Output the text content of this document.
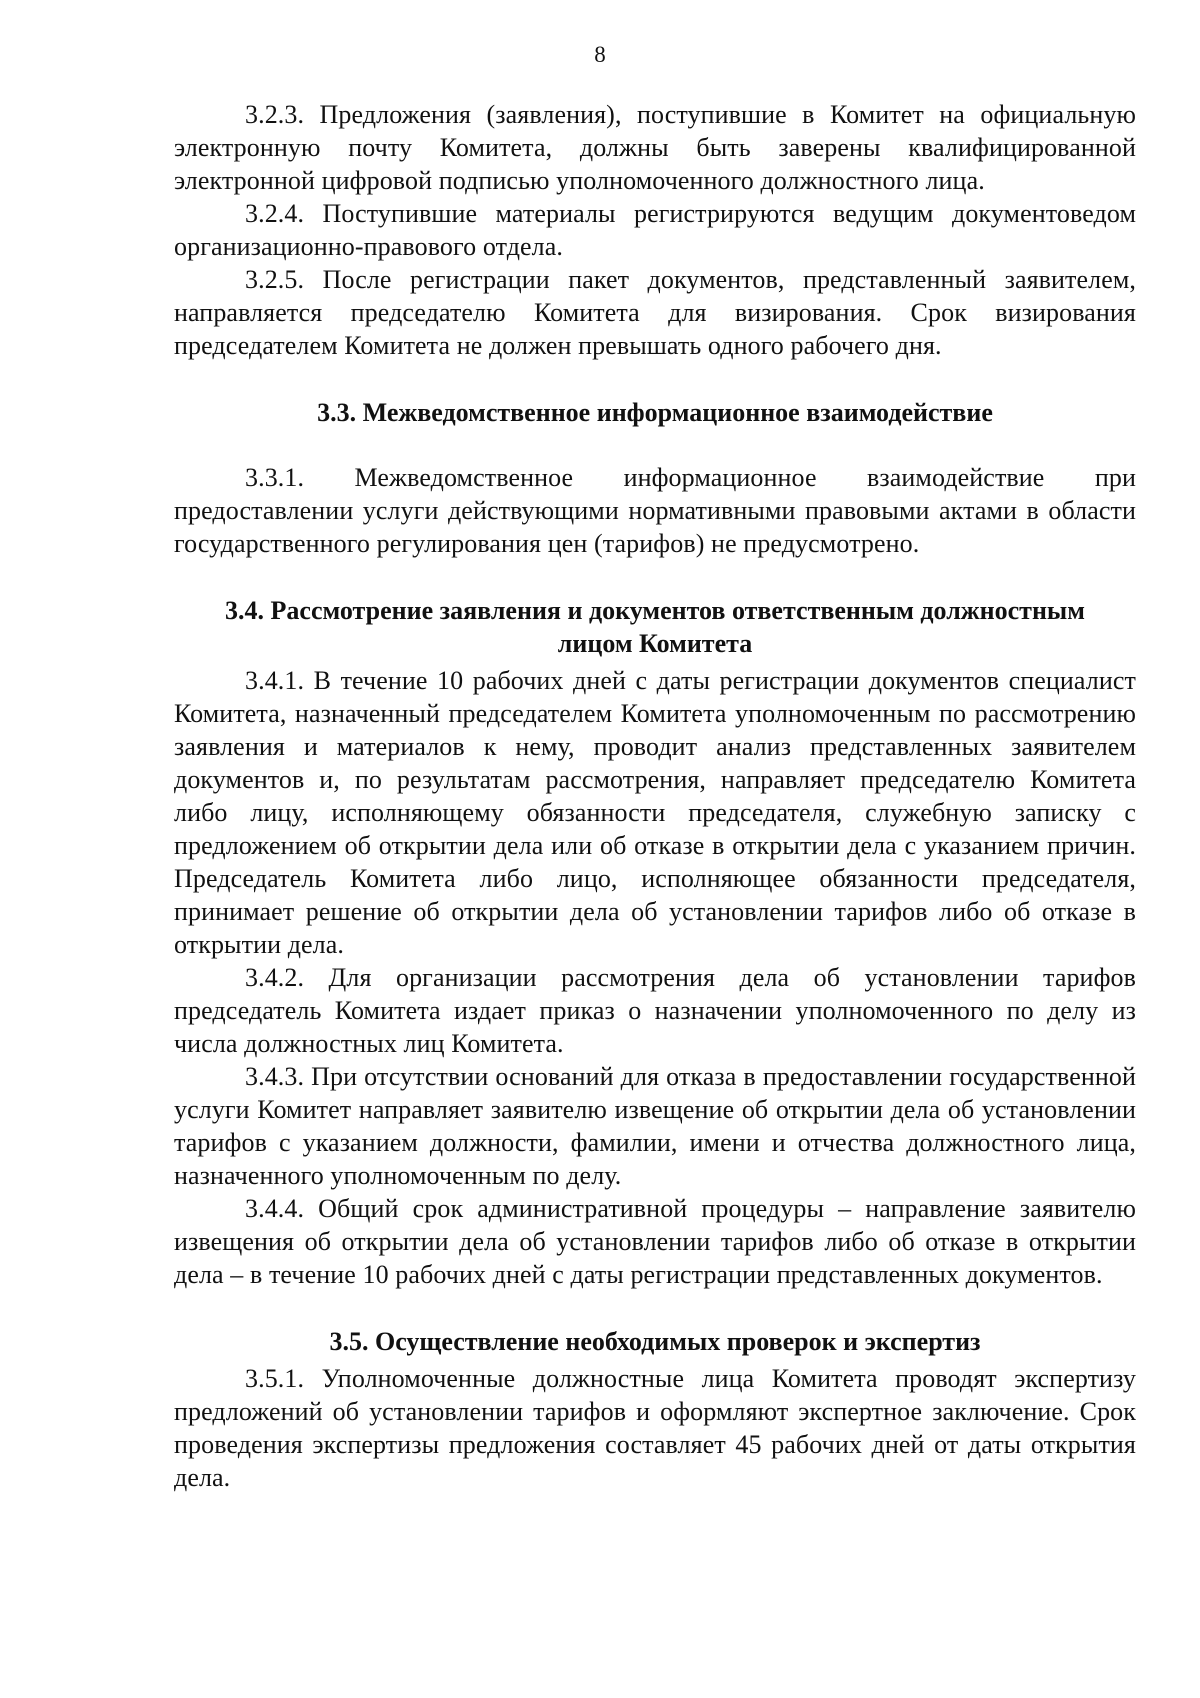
8

3.2.3. Предложения (заявления), поступившие в Комитет на официальную электронную почту Комитета, должны быть заверены квалифицированной электронной цифровой подписью уполномоченного должностного лица.

3.2.4. Поступившие материалы регистрируются ведущим документоведом организационно-правового отдела.

3.2.5. После регистрации пакет документов, представленный заявителем, направляется председателю Комитета для визирования. Срок визирования председателем Комитета не должен превышать одного рабочего дня.

3.3. Межведомственное информационное взаимодействие

3.3.1. Межведомственное информационное взаимодействие при предоставлении услуги действующими нормативными правовыми актами в области государственного регулирования цен (тарифов) не предусмотрено.

3.4. Рассмотрение заявления и документов ответственным должностным
лицом Комитета

3.4.1. В течение 10 рабочих дней с даты регистрации документов специалист Комитета, назначенный председателем Комитета уполномоченным по рассмотрению заявления и материалов к нему, проводит анализ представленных заявителем документов и, по результатам рассмотрения, направляет председателю Комитета либо лицу, исполняющему обязанности председателя, служебную записку с предложением об открытии дела или об отказе в открытии дела с указанием причин. Председатель Комитета либо лицо, исполняющее обязанности председателя, принимает решение об открытии дела об установлении тарифов либо об отказе в открытии дела.

3.4.2. Для организации рассмотрения дела об установлении тарифов председатель Комитета издает приказ о назначении уполномоченного по делу из числа должностных лиц Комитета.

3.4.3. При отсутствии оснований для отказа в предоставлении государственной услуги Комитет направляет заявителю извещение об открытии дела об установлении тарифов с указанием должности, фамилии, имени и отчества должностного лица, назначенного уполномоченным по делу.

3.4.4. Общий срок административной процедуры – направление заявителю извещения об открытии дела об установлении тарифов либо об отказе в открытии дела – в течение 10 рабочих дней с даты регистрации представленных документов.

3.5. Осуществление необходимых проверок и экспертиз

3.5.1. Уполномоченные должностные лица Комитета проводят экспертизу предложений об установлении тарифов и оформляют экспертное заключение. Срок проведения экспертизы предложения составляет 45 рабочих дней от даты открытия дела.
